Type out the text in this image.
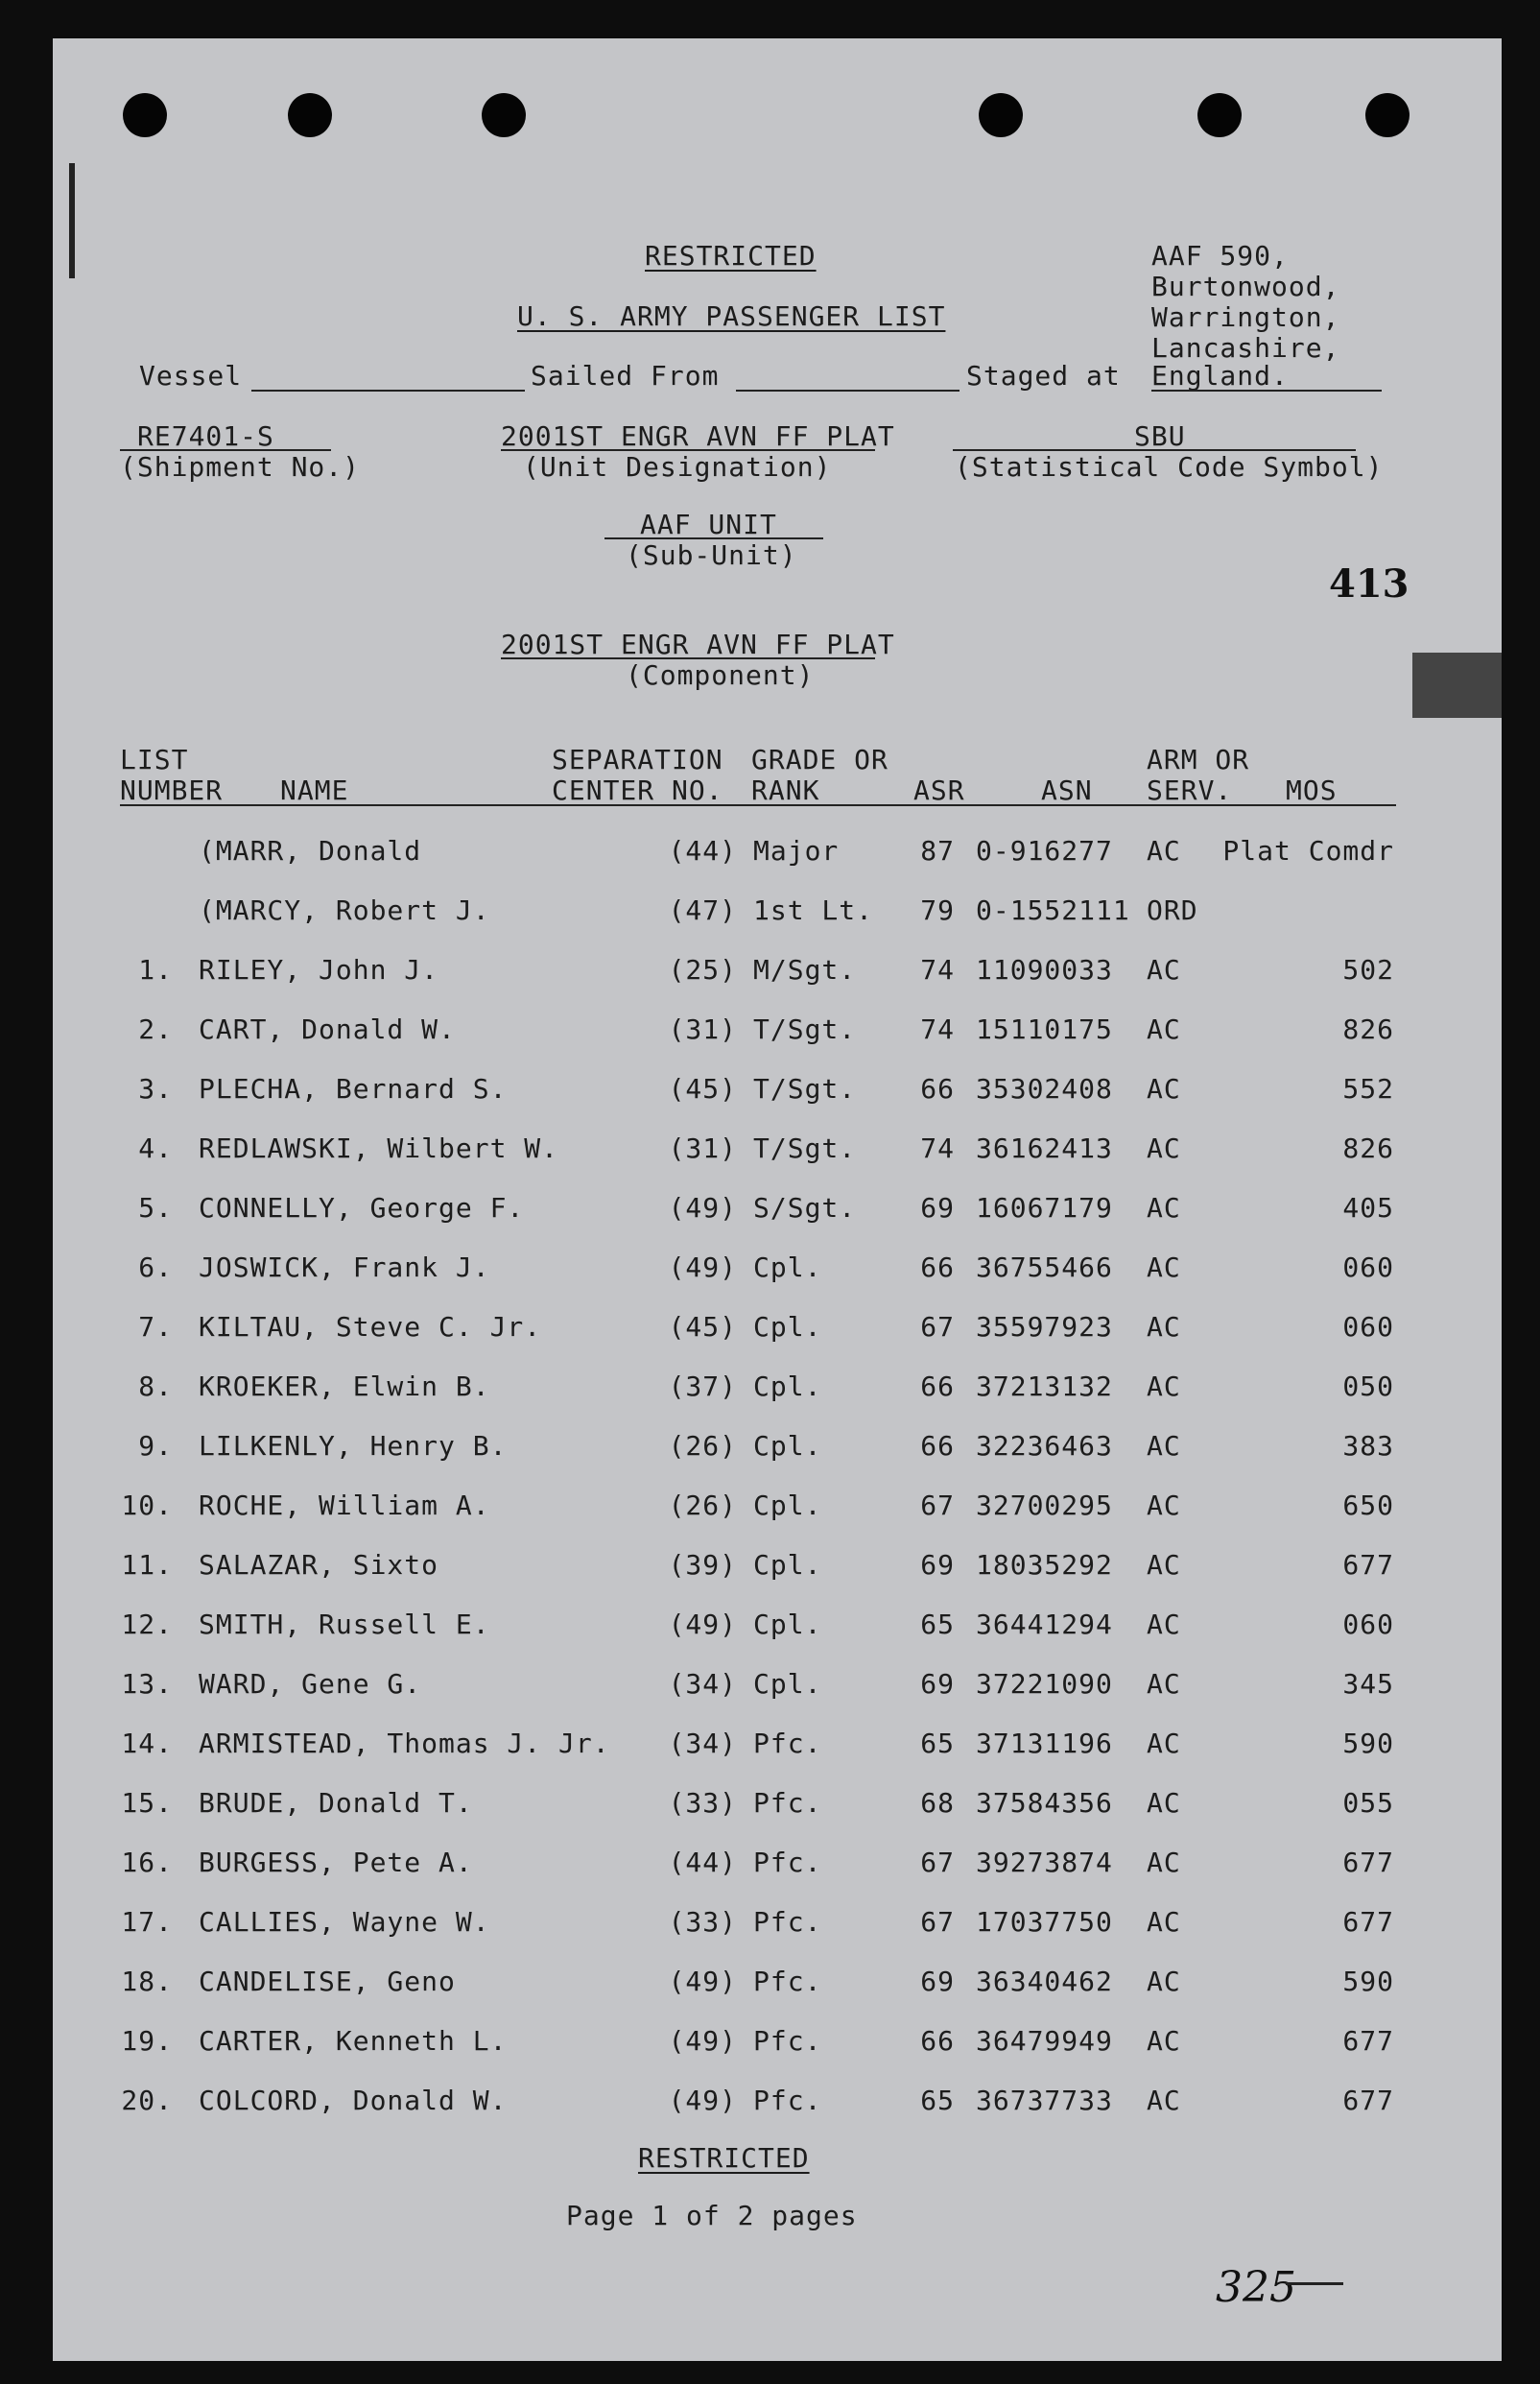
RESTRICTED
U. S. ARMY PASSENGER LIST
AAF 590,
Burtonwood,
Warrington,
Lancashire,
Vessel	Sailed From	Staged at England.
RE7401-S
(Shipment No.)
2001ST ENGR AVN FF PLAT
(Unit Designation)
SBU
(Statistical Code Symbol)
AAF UNIT
(Sub-Unit)
413
2001ST ENGR AVN FF PLAT
(Component)
LIST
NUMBER NAME
SEPARATION
CENTER NO.
GRADE OR
RANK	ASR	ASN
ARM OR
SERV. MOS
(MARR, Donald	(44) Major	87 0-916277	AC	Plat Comdr
(MARCY, Robert J.	(47) 1st Lt.	79 0-1552111 ORD
1. RILEY, John J.	(25) M/Sgt.	74 11090033	AC	502
2. CART, Donald W.	(31) T/Sgt.	74 15110175	AC	826
3. PLECHA, Bernard S.	(45) T/Sgt.	66 35302408	AC	552
4. REDLAWSKI, Wilbert W.	(31) T/Sgt.	74 36162413	AC	826
5. CONNELLY, George F.	(49) S/Sgt.	69 16067179	AC	405
6. JOSWICK, Frank J.	(49) Cpl.	66 36755466	AC	060
7. KILTAU, Steve C. Jr.	(45) Cpl.	67 35597923	AC	060
8. KROEKER, Elwin B.	(37) Cpl.	66 37213132	AC	050
9. LILKENLY, Henry B.	(26) Cpl.	66 32236463	AC	383
10. ROCHE, William A.	(26) Cpl.	67 32700295	AC	650
11. SALAZAR, Sixto	(39) Cpl.	69 18035292	AC	677
12. SMITH, Russell E.	(49) Cpl.	65 36441294	AC	060
13. WARD, Gene G.	(34) Cpl.	69 37221090	AC	345
14. ARMISTEAD, Thomas J. Jr.	(34) Pfc.	65 37131196	AC	590
15. BRUDE, Donald T.	(33) Pfc.	68 37584356	AC	055
16. BURGESS, Pete A.	(44) Pfc.	67 39273874	AC	677
17. CALLIES, Wayne W.	(33) Pfc.	67 17037750	AC	677
18. CANDELISE, Geno	(49) Pfc.	69 36340462	AC	590
19. CARTER, Kenneth L.	(49) Pfc.	66 36479949	AC	677
20. COLCORD, Donald W.	(49) Pfc.	65 36737733	AC	677
RESTRICTED
Page 1 of 2 pages
325
